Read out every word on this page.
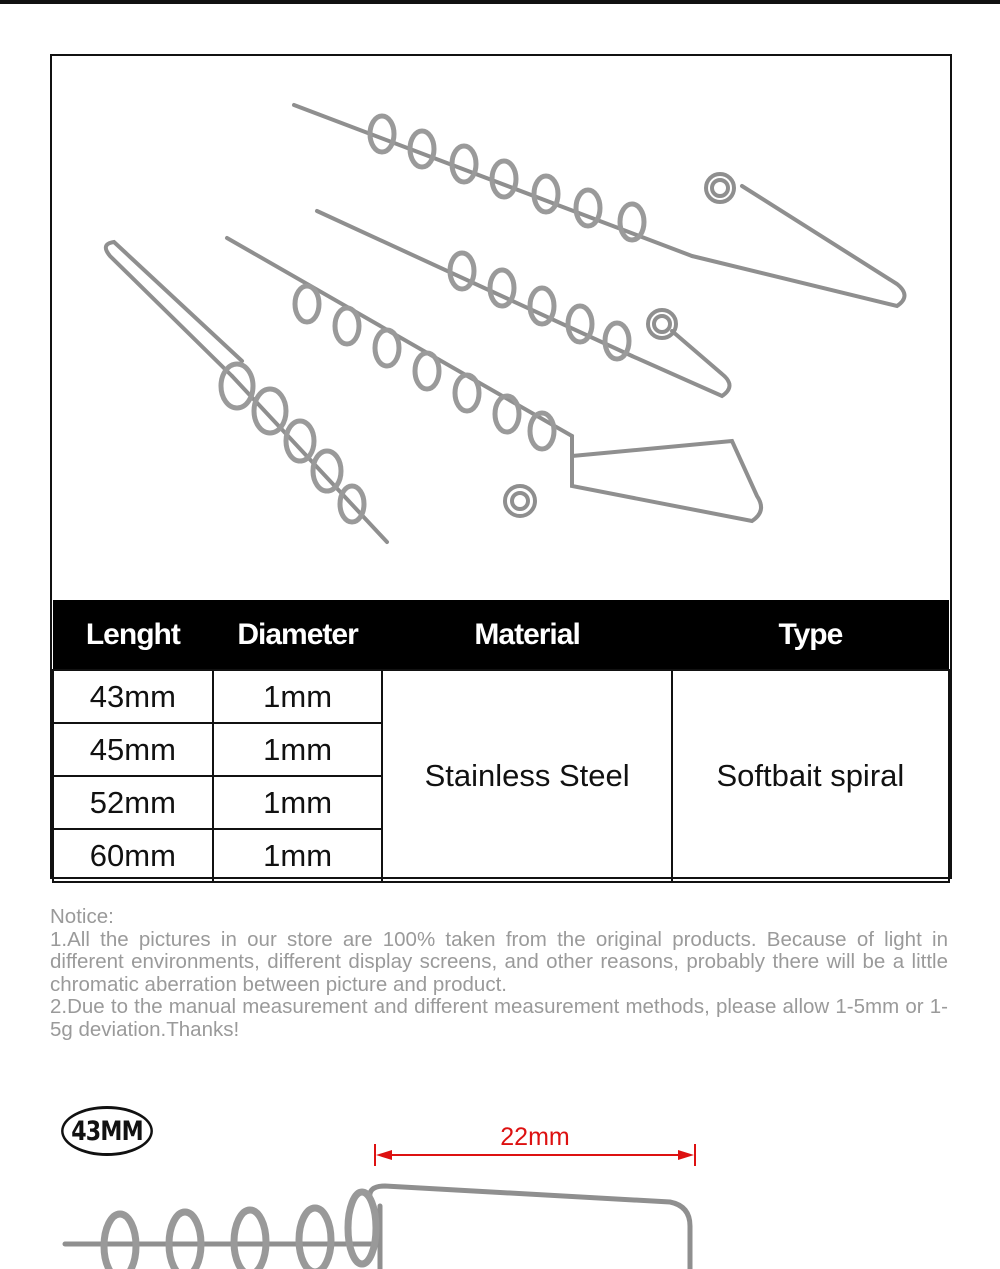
Lenght	Diameter	Material	Type
43mm	1mm	Stainless Steel	Softbait spiral
45mm	1mm		
52mm	1mm		
60mm	1mm		

Notice:

1.All the pictures in our store are 100% taken from the original products. Because of light in different environments, different display screens, and other reasons, probably there will be a little chromatic aberration between picture and product.

2.Due to the manual measurement and different measurement methods, please allow 1-5mm or 1-5g deviation.Thanks!

43MM	22mm
